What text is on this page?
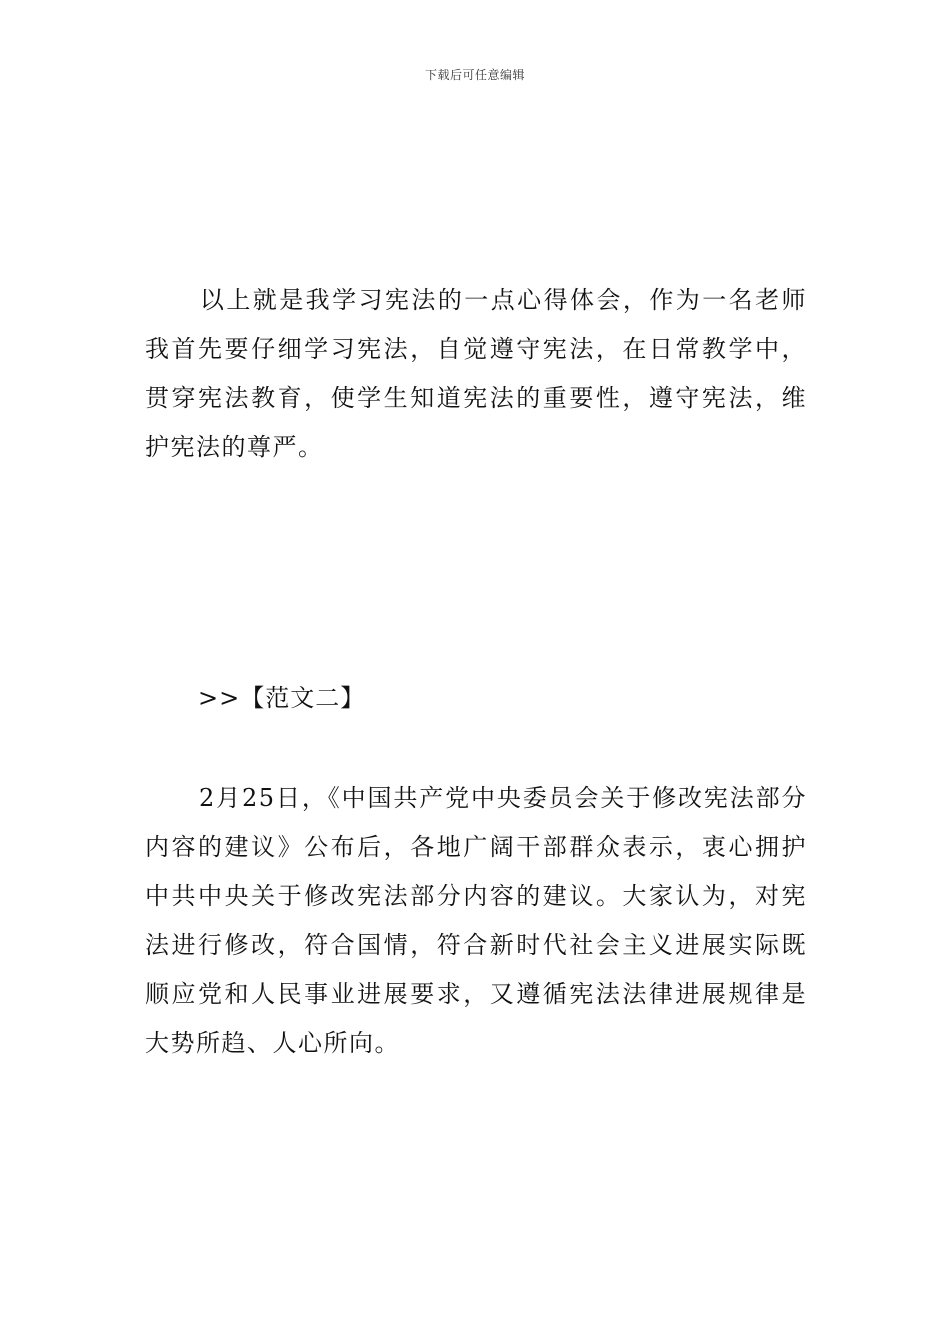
下载后可任意编辑

以上就是我学习宪法的一点心得体会，作为一名老师我首先要仔细学习宪法，自觉遵守宪法，在日常教学中，贯穿宪法教育，使学生知道宪法的重要性，遵守宪法，维护宪法的尊严。

>>【范文二】

2月25日，《中国共产党中央委员会关于修改宪法部分内容的建议》公布后，各地广阔干部群众表示，衷心拥护中共中央关于修改宪法部分内容的建议。大家认为，对宪法进行修改，符合国情，符合新时代社会主义进展实际既顺应党和人民事业进展要求，又遵循宪法法律进展规律是大势所趋、人心所向。
